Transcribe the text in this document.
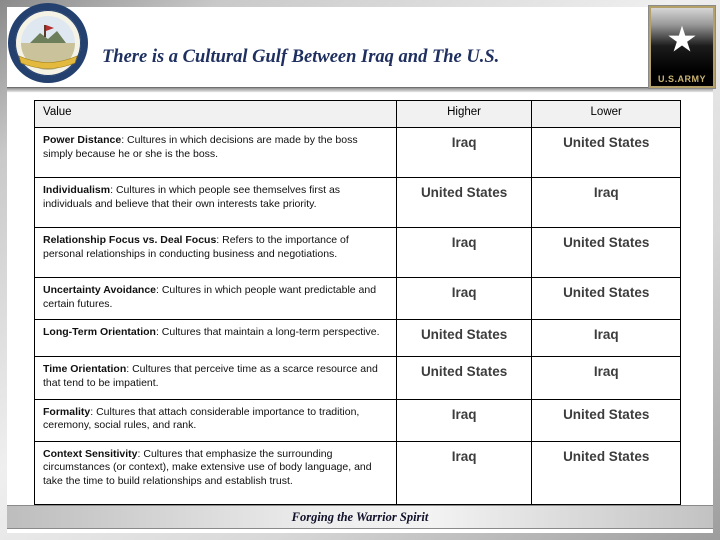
There is a Cultural Gulf Between Iraq and The U.S.
Value	Higher	Lower
Power Distance: Cultures in which decisions are made by the boss simply because he or she is the boss.	Iraq	United States
Individualism: Cultures in which people see themselves first as individuals and believe that their own interests take priority.	United States	Iraq
Relationship Focus vs. Deal Focus: Refers to the importance of personal relationships in conducting business and negotiations.	Iraq	United States
Uncertainty Avoidance: Cultures in which people want predictable and certain futures.	Iraq	United States
Long-Term Orientation: Cultures that maintain a long-term perspective.	United States	Iraq
Time Orientation: Cultures that perceive time as a scarce resource and that tend to be impatient.	United States	Iraq
Formality: Cultures that attach considerable importance to tradition, ceremony, social rules, and rank.	Iraq	United States
Context Sensitivity: Cultures that emphasize the surrounding circumstances (or context), make extensive use of body language, and take the time to build relationships and establish trust.	Iraq	United States
U.S.ARMY
Forging the Warrior Spirit
